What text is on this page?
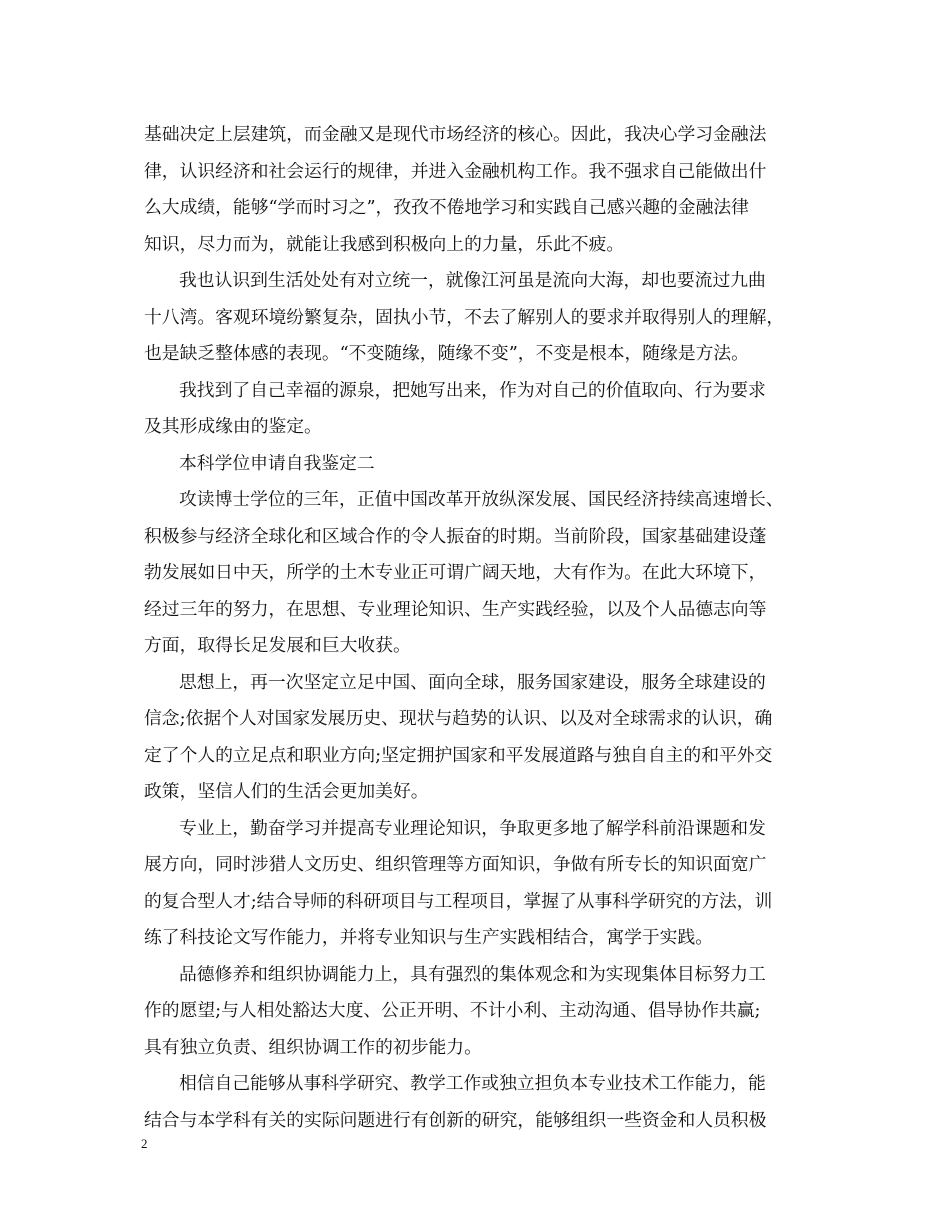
基础决定上层建筑，而金融又是现代市场经济的核心。因此，我决心学习金融法
律，认识经济和社会运行的规律，并进入金融机构工作。我不强求自己能做出什
么大成绩，能够“学而时习之”，孜孜不倦地学习和实践自己感兴趣的金融法律
知识，尽力而为，就能让我感到积极向上的力量，乐此不疲。
我也认识到生活处处有对立统一，就像江河虽是流向大海，却也要流过九曲
十八湾。客观环境纷繁复杂，固执小节，不去了解别人的要求并取得别人的理解，
也是缺乏整体感的表现。“不变随缘，随缘不变”，不变是根本，随缘是方法。
我找到了自己幸福的源泉，把她写出来，作为对自己的价值取向、行为要求
及其形成缘由的鉴定。
本科学位申请自我鉴定二
攻读博士学位的三年，正值中国改革开放纵深发展、国民经济持续高速增长、
积极参与经济全球化和区域合作的令人振奋的时期。当前阶段，国家基础建设蓬
勃发展如日中天，所学的土木专业正可谓广阔天地，大有作为。在此大环境下，
经过三年的努力，在思想、专业理论知识、生产实践经验，以及个人品德志向等
方面，取得长足发展和巨大收获。
思想上，再一次坚定立足中国、面向全球，服务国家建设，服务全球建设的
信念;依据个人对国家发展历史、现状与趋势的认识、以及对全球需求的认识，确
定了个人的立足点和职业方向;坚定拥护国家和平发展道路与独自自主的和平外交
政策，坚信人们的生活会更加美好。
专业上，勤奋学习并提高专业理论知识，争取更多地了解学科前沿课题和发
展方向，同时涉猎人文历史、组织管理等方面知识，争做有所专长的知识面宽广
的复合型人才;结合导师的科研项目与工程项目，掌握了从事科学研究的方法，训
练了科技论文写作能力，并将专业知识与生产实践相结合，寓学于实践。
品德修养和组织协调能力上，具有强烈的集体观念和为实现集体目标努力工
作的愿望;与人相处豁达大度、公正开明、不计小利、主动沟通、倡导协作共赢;
具有独立负责、组织协调工作的初步能力。
相信自己能够从事科学研究、教学工作或独立担负本专业技术工作能力，能
结合与本学科有关的实际问题进行有创新的研究，能够组织一些资金和人员积极
2
